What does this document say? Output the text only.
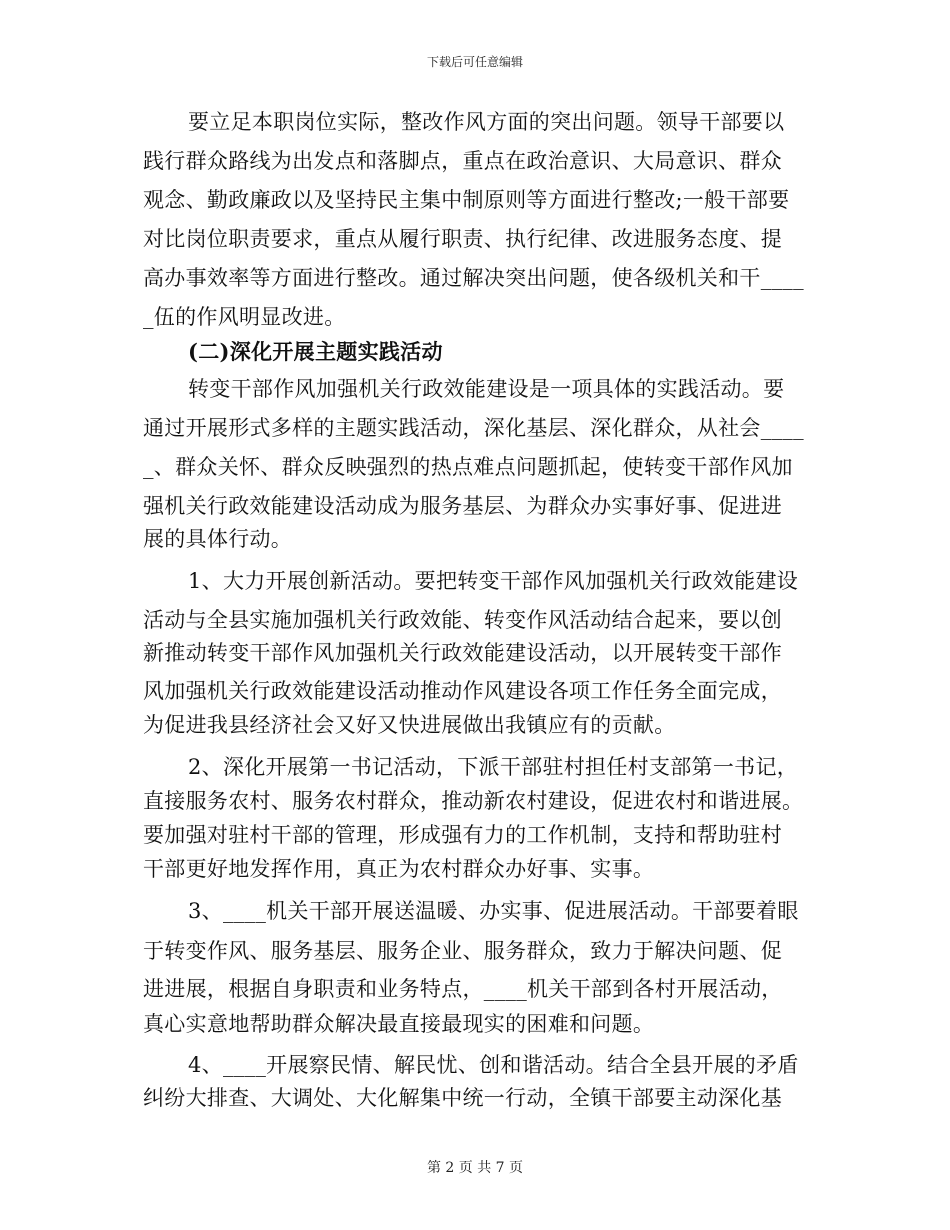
下载后可任意编辑
要立足本职岗位实际，整改作风方面的突出问题。领导干部要以
践行群众路线为出发点和落脚点，重点在政治意识、大局意识、群众
观念、勤政廉政以及坚持民主集中制原则等方面进行整改;一般干部要
对比岗位职责要求，重点从履行职责、执行纪律、改进服务态度、提
高办事效率等方面进行整改。通过解决突出问题，使各级机关和干____
_伍的作风明显改进。
(二)深化开展主题实践活动
转变干部作风加强机关行政效能建设是一项具体的实践活动。要
通过开展形式多样的主题实践活动，深化基层、深化群众，从社会____
_、群众关怀、群众反映强烈的热点难点问题抓起，使转变干部作风加
强机关行政效能建设活动成为服务基层、为群众办实事好事、促进进
展的具体行动。
1、大力开展创新活动。要把转变干部作风加强机关行政效能建设
活动与全县实施加强机关行政效能、转变作风活动结合起来，要以创
新推动转变干部作风加强机关行政效能建设活动，以开展转变干部作
风加强机关行政效能建设活动推动作风建设各项工作任务全面完成，
为促进我县经济社会又好又快进展做出我镇应有的贡献。
2、深化开展第一书记活动，下派干部驻村担任村支部第一书记，
直接服务农村、服务农村群众，推动新农村建设，促进农村和谐进展。
要加强对驻村干部的管理，形成强有力的工作机制，支持和帮助驻村
干部更好地发挥作用，真正为农村群众办好事、实事。
3、____机关干部开展送温暖、办实事、促进展活动。干部要着眼
于转变作风、服务基层、服务企业、服务群众，致力于解决问题、促
进进展，根据自身职责和业务特点，____机关干部到各村开展活动，
真心实意地帮助群众解决最直接最现实的困难和问题。
4、____开展察民情、解民忧、创和谐活动。结合全县开展的矛盾
纠纷大排查、大调处、大化解集中统一行动，全镇干部要主动深化基
第 2 页 共 7 页
